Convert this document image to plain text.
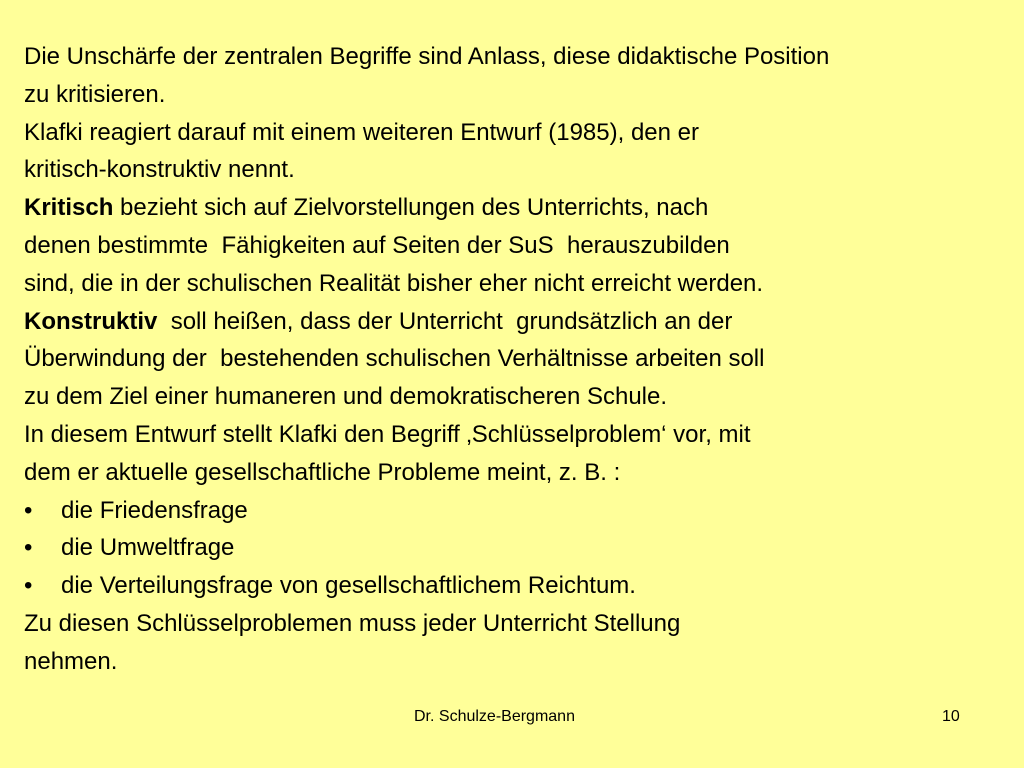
Die Unschärfe der zentralen Begriffe sind Anlass, diese didaktische Position
zu kritisieren.
Klafki reagiert darauf mit einem weiteren Entwurf (1985), den er
kritisch-konstruktiv nennt.
Kritisch bezieht sich auf Zielvorstellungen des Unterrichts, nach
denen bestimmte  Fähigkeiten auf Seiten der SuS  herauszubilden
sind, die in der schulischen Realität bisher eher nicht erreicht werden.
Konstruktiv  soll heißen, dass der Unterricht  grundsätzlich an der
Überwindung der  bestehenden schulischen Verhältnisse arbeiten soll
zu dem Ziel einer humaneren und demokratischeren Schule.
In diesem Entwurf stellt Klafki den Begriff ‚Schlüsselproblem‘ vor, mit
dem er aktuelle gesellschaftliche Probleme meint, z. B. :

•

die Friedensfrage

•

die Umweltfrage

•

die Verteilungsfrage von gesellschaftlichem Reichtum.

Zu diesen Schlüsselproblemen muss jeder Unterricht Stellung
nehmen.
Dr. Schulze-Bergmann	10
